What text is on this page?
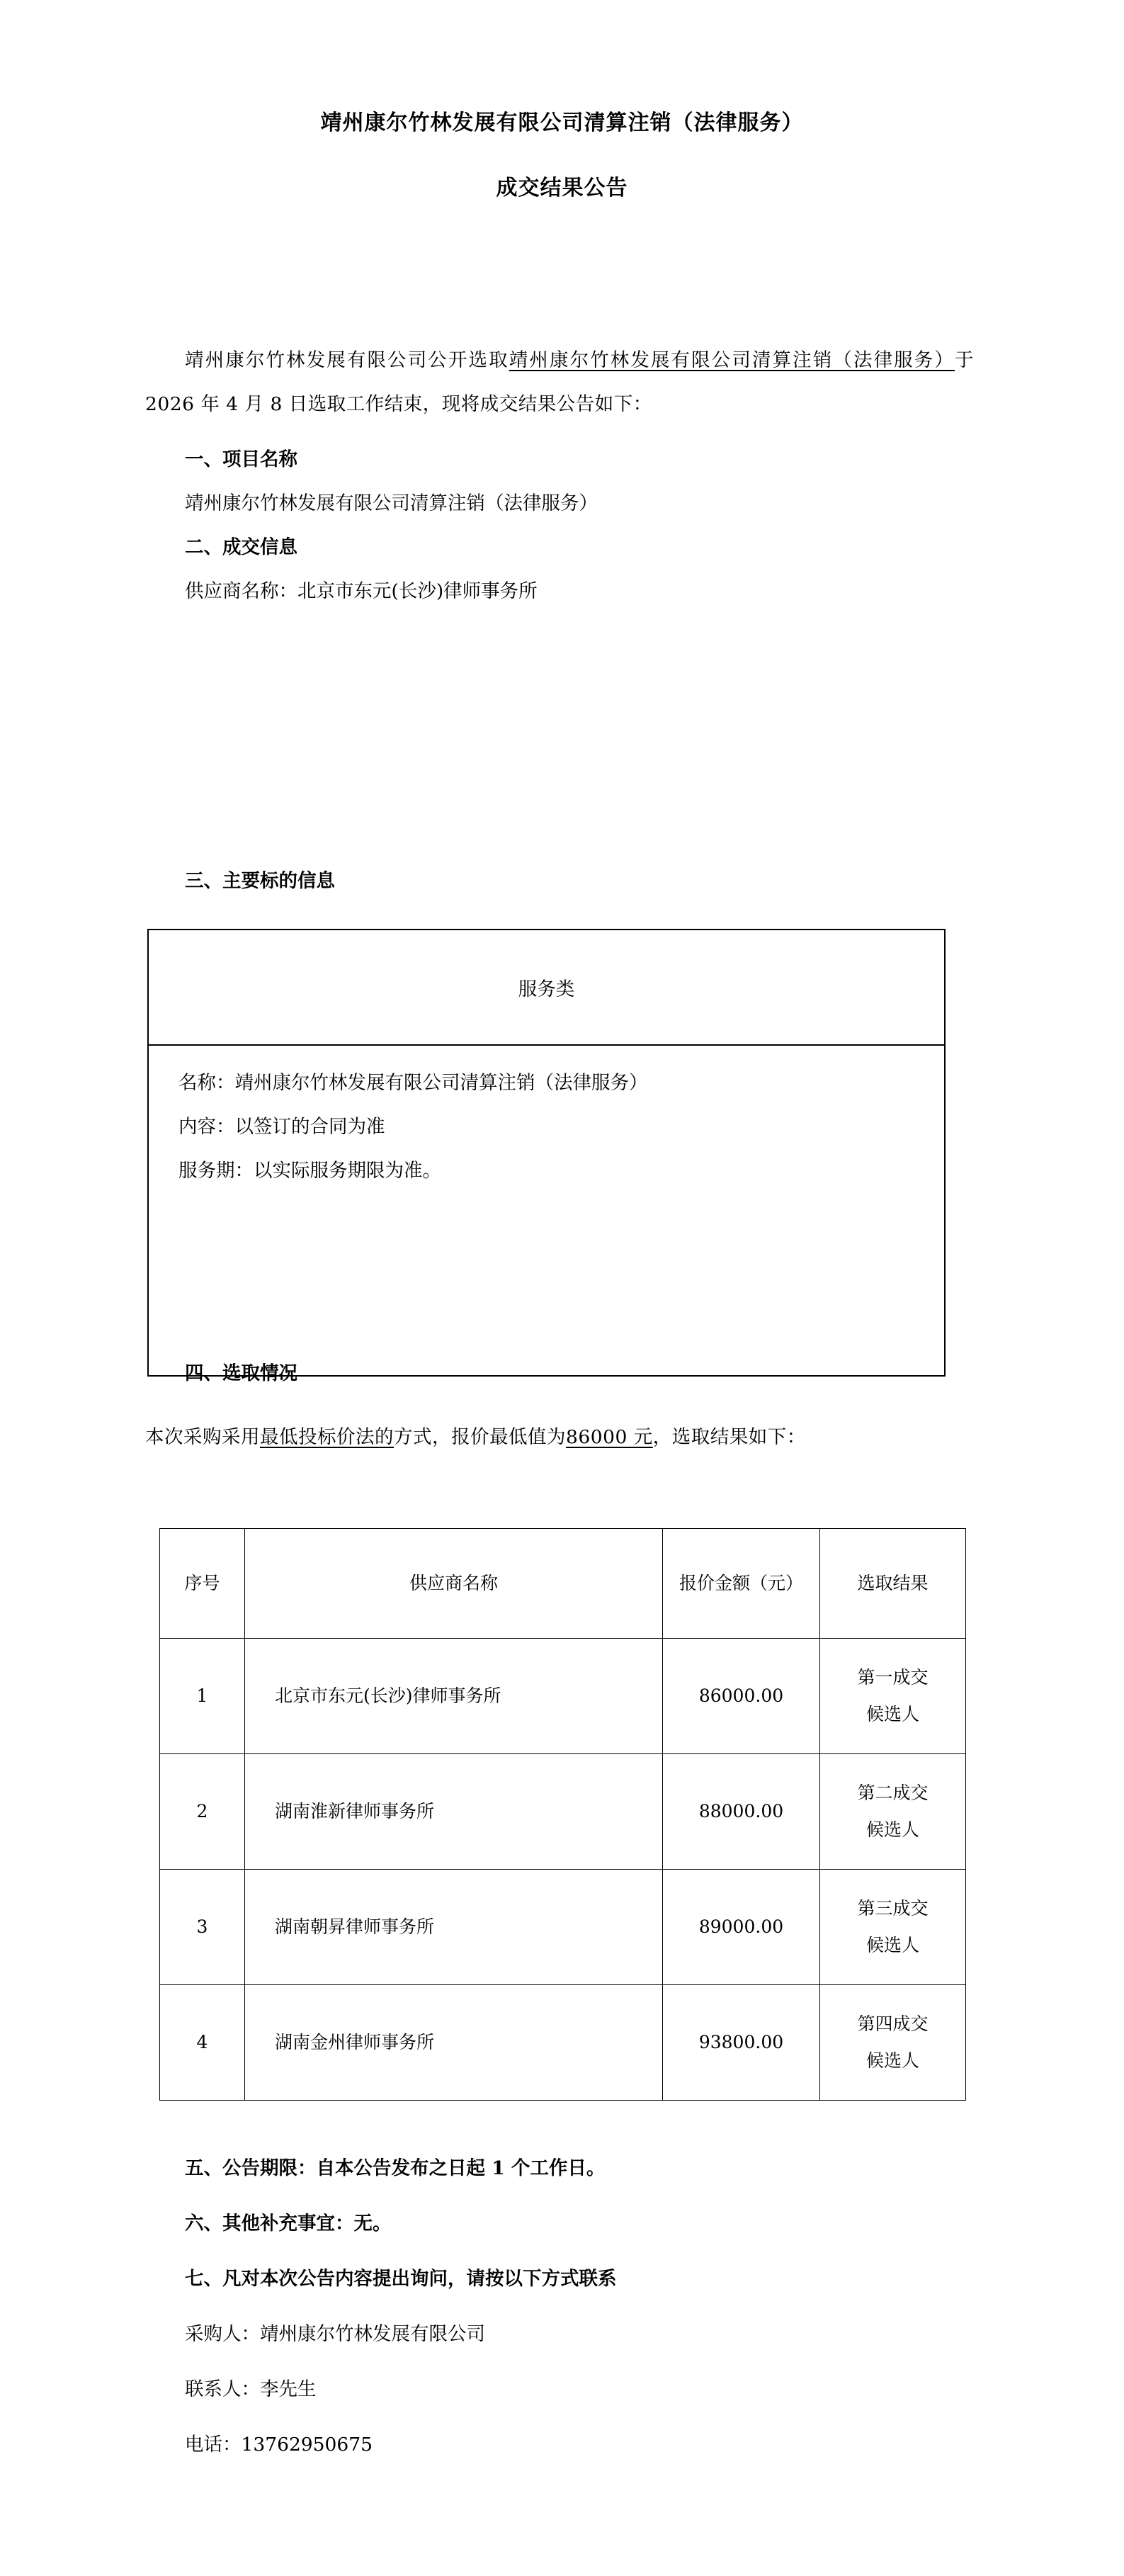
靖州康尔竹林发展有限公司清算注销（法律服务）
成交结果公告

靖州康尔竹林发展有限公司公开选取靖州康尔竹林发展有限公司清算注销（法律服务）于 2026 年 4 月 8 日选取工作结束，现将成交结果公告如下：

一、项目名称

靖州康尔竹林发展有限公司清算注销（法律服务）

二、成交信息

供应商名称：北京市东元(长沙)律师事务所

三、主要标的信息

服务类

名称：靖州康尔竹林发展有限公司清算注销（法律服务）

内容：以签订的合同为准

服务期：以实际服务期限为准。

四、选取情况

本次采购采用最低投标价法的方式，报价最低值为86000 元，选取结果如下：

序号	供应商名称	报价金额（元）	选取结果
1	北京市东元(长沙)律师事务所	86000.00	第一成交
候选人

2	湖南淮新律师事务所	88000.00	第二成交
候选人

3	湖南朝昇律师事务所	89000.00	第三成交
候选人

4	湖南金州律师事务所	93800.00	第四成交
候选人

五、公告期限：自本公告发布之日起 1 个工作日。

六、其他补充事宜：无。

七、凡对本次公告内容提出询问，请按以下方式联系

采购人：靖州康尔竹林发展有限公司

联系人：李先生

电话：13762950675
